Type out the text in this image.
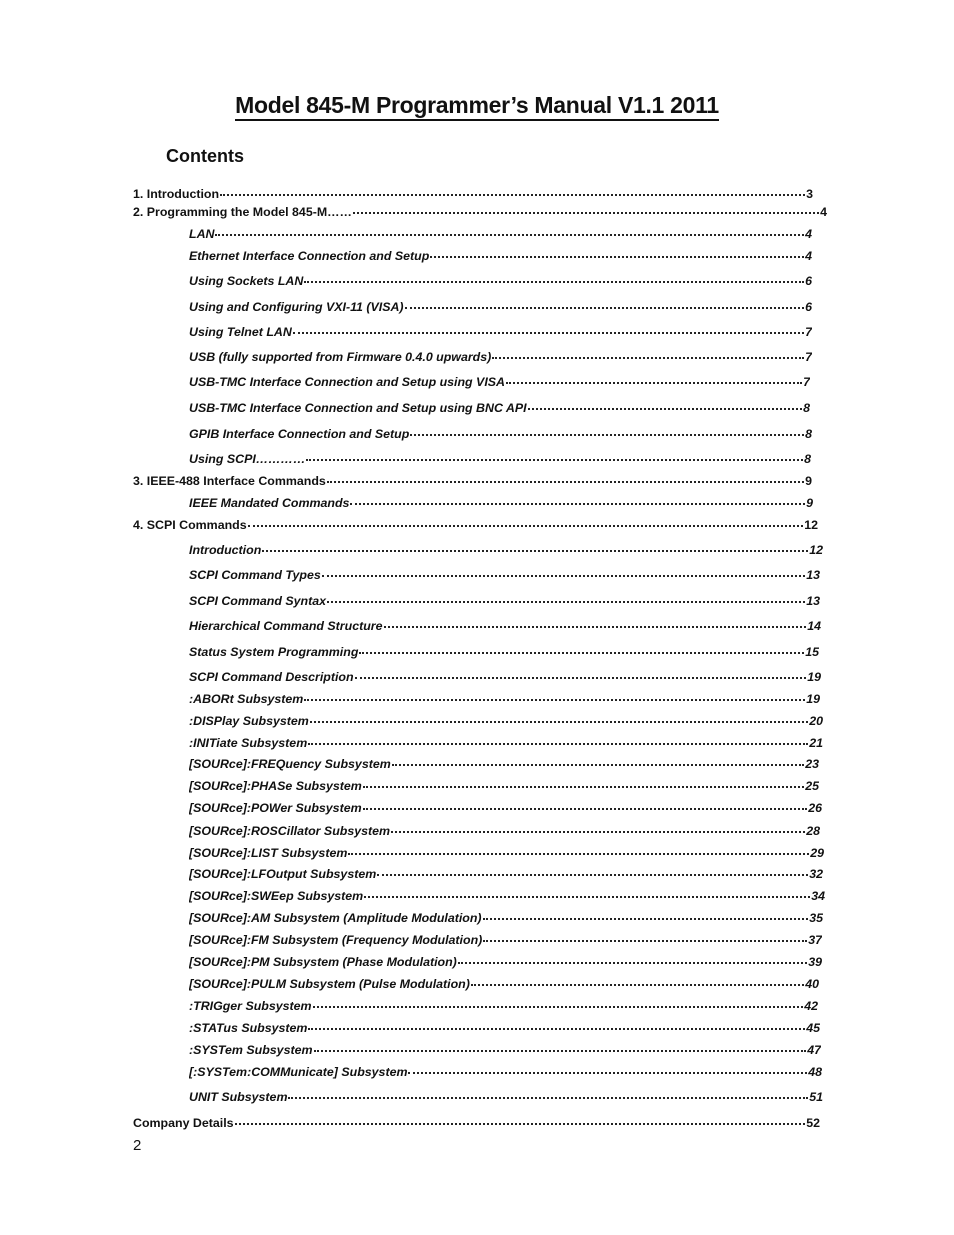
Model 845-M Programmer’s Manual V1.1 2011
Contents
1. Introduction	3
2. Programming the Model 845-M……	4
LAN	4
Ethernet Interface Connection and Setup	4
Using Sockets LAN	6
Using and Configuring VXI-11 (VISA)	6
Using Telnet LAN	7
USB (fully supported from Firmware 0.4.0 upwards)	7
USB-TMC Interface Connection and Setup using VISA	7
USB-TMC Interface Connection and Setup using BNC API	8
GPIB Interface Connection and Setup	8
Using SCPI…………	8
3. IEEE-488 Interface Commands	9
IEEE Mandated Commands	9
4. SCPI Commands	12
Introduction	12
SCPI Command Types	13
SCPI Command Syntax	13
Hierarchical Command Structure	14
Status System Programming	15
SCPI Command Description	19
:ABORt Subsystem	19
:DISPlay Subsystem	20
:INITiate Subsystem	21
[SOURce]:FREQuency Subsystem	23
[SOURce]:PHASe Subsystem	25
[SOURce]:POWer Subsystem	26
[SOURce]:ROSCillator Subsystem	28
[SOURce]:LIST Subsystem	29
[SOURce]:LFOutput Subsystem	32
[SOURce]:SWEep Subsystem	34
[SOURce]:AM Subsystem (Amplitude Modulation)	35
[SOURce]:FM Subsystem (Frequency Modulation)	37
[SOURce]:PM Subsystem (Phase Modulation)	39
[SOURce]:PULM Subsystem (Pulse Modulation)	40
:TRIGger Subsystem	42
:STATus Subsystem	45
:SYSTem Subsystem	47
[:SYSTem:COMMunicate] Subsystem	48
UNIT Subsystem	51
Company Details	52
2
